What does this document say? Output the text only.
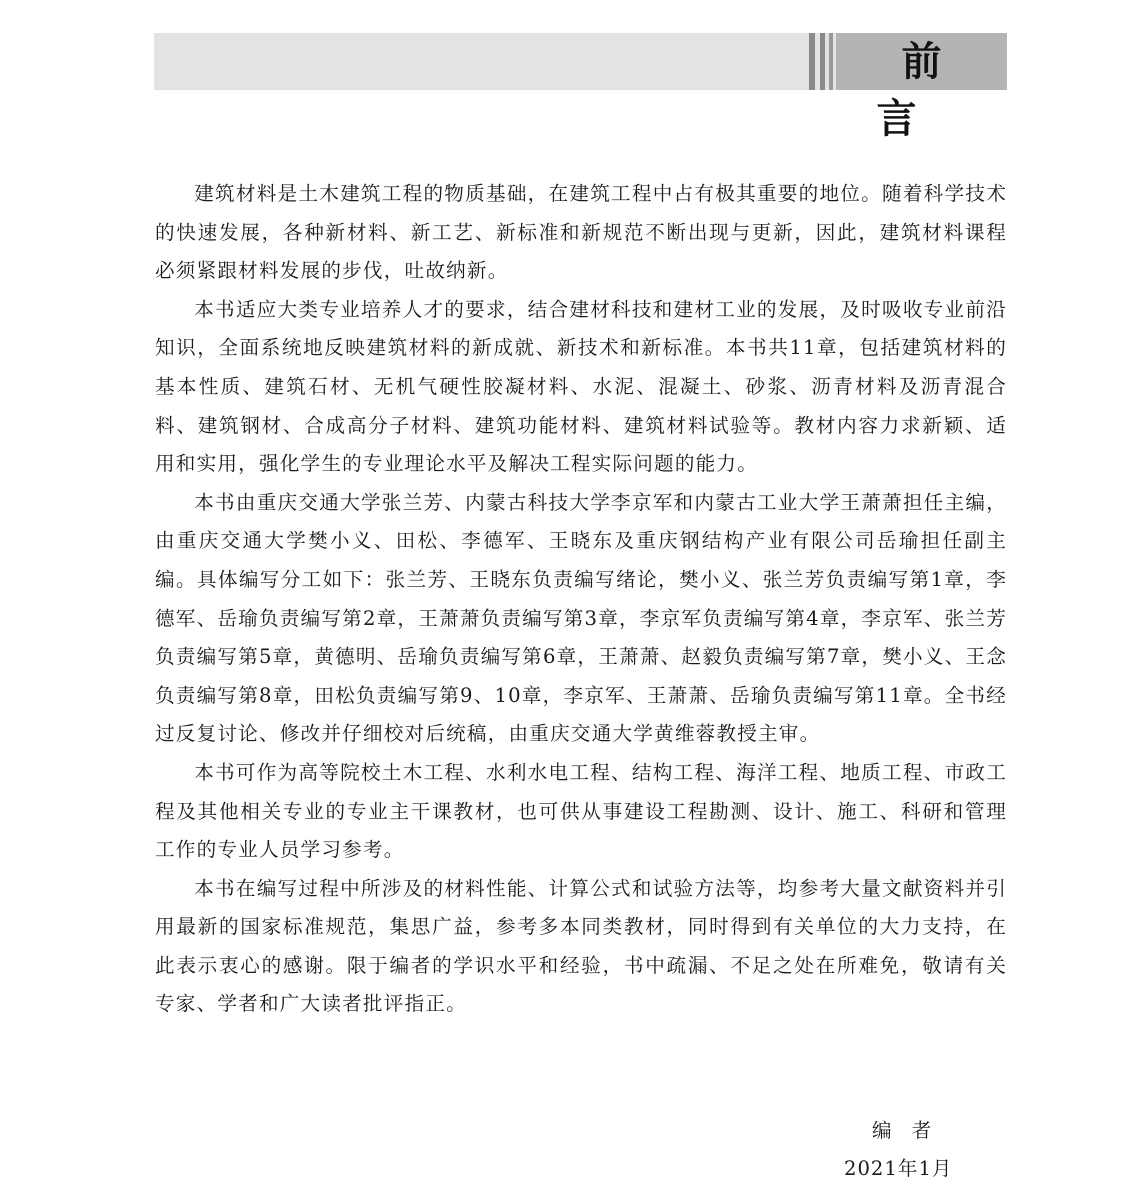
前言

建筑材料是土木建筑工程的物质基础，在建筑工程中占有极其重要的地位。随着科学技术的快速发展，各种新材料、新工艺、新标准和新规范不断出现与更新，因此，建筑材料课程必须紧跟材料发展的步伐，吐故纳新。

本书适应大类专业培养人才的要求，结合建材科技和建材工业的发展，及时吸收专业前沿知识，全面系统地反映建筑材料的新成就、新技术和新标准。本书共11章，包括建筑材料的基本性质、建筑石材、无机气硬性胶凝材料、水泥、混凝土、砂浆、沥青材料及沥青混合料、建筑钢材、合成高分子材料、建筑功能材料、建筑材料试验等。教材内容力求新颖、适用和实用，强化学生的专业理论水平及解决工程实际问题的能力。

本书由重庆交通大学张兰芳、内蒙古科技大学李京军和内蒙古工业大学王萧萧担任主编，由重庆交通大学樊小义、田松、李德军、王晓东及重庆钢结构产业有限公司岳瑜担任副主编。具体编写分工如下：张兰芳、王晓东负责编写绪论，樊小义、张兰芳负责编写第1章，李德军、岳瑜负责编写第2章，王萧萧负责编写第3章，李京军负责编写第4章，李京军、张兰芳负责编写第5章，黄德明、岳瑜负责编写第6章，王萧萧、赵毅负责编写第7章，樊小义、王念负责编写第8章，田松负责编写第9、10章，李京军、王萧萧、岳瑜负责编写第11章。全书经过反复讨论、修改并仔细校对后统稿，由重庆交通大学黄维蓉教授主审。

本书可作为高等院校土木工程、水利水电工程、结构工程、海洋工程、地质工程、市政工程及其他相关专业的专业主干课教材，也可供从事建设工程勘测、设计、施工、科研和管理工作的专业人员学习参考。

本书在编写过程中所涉及的材料性能、计算公式和试验方法等，均参考大量文献资料并引用最新的国家标准规范，集思广益，参考多本同类教材，同时得到有关单位的大力支持，在此表示衷心的感谢。限于编者的学识水平和经验，书中疏漏、不足之处在所难免，敬请有关专家、学者和广大读者批评指正。

编者
2021年1月
